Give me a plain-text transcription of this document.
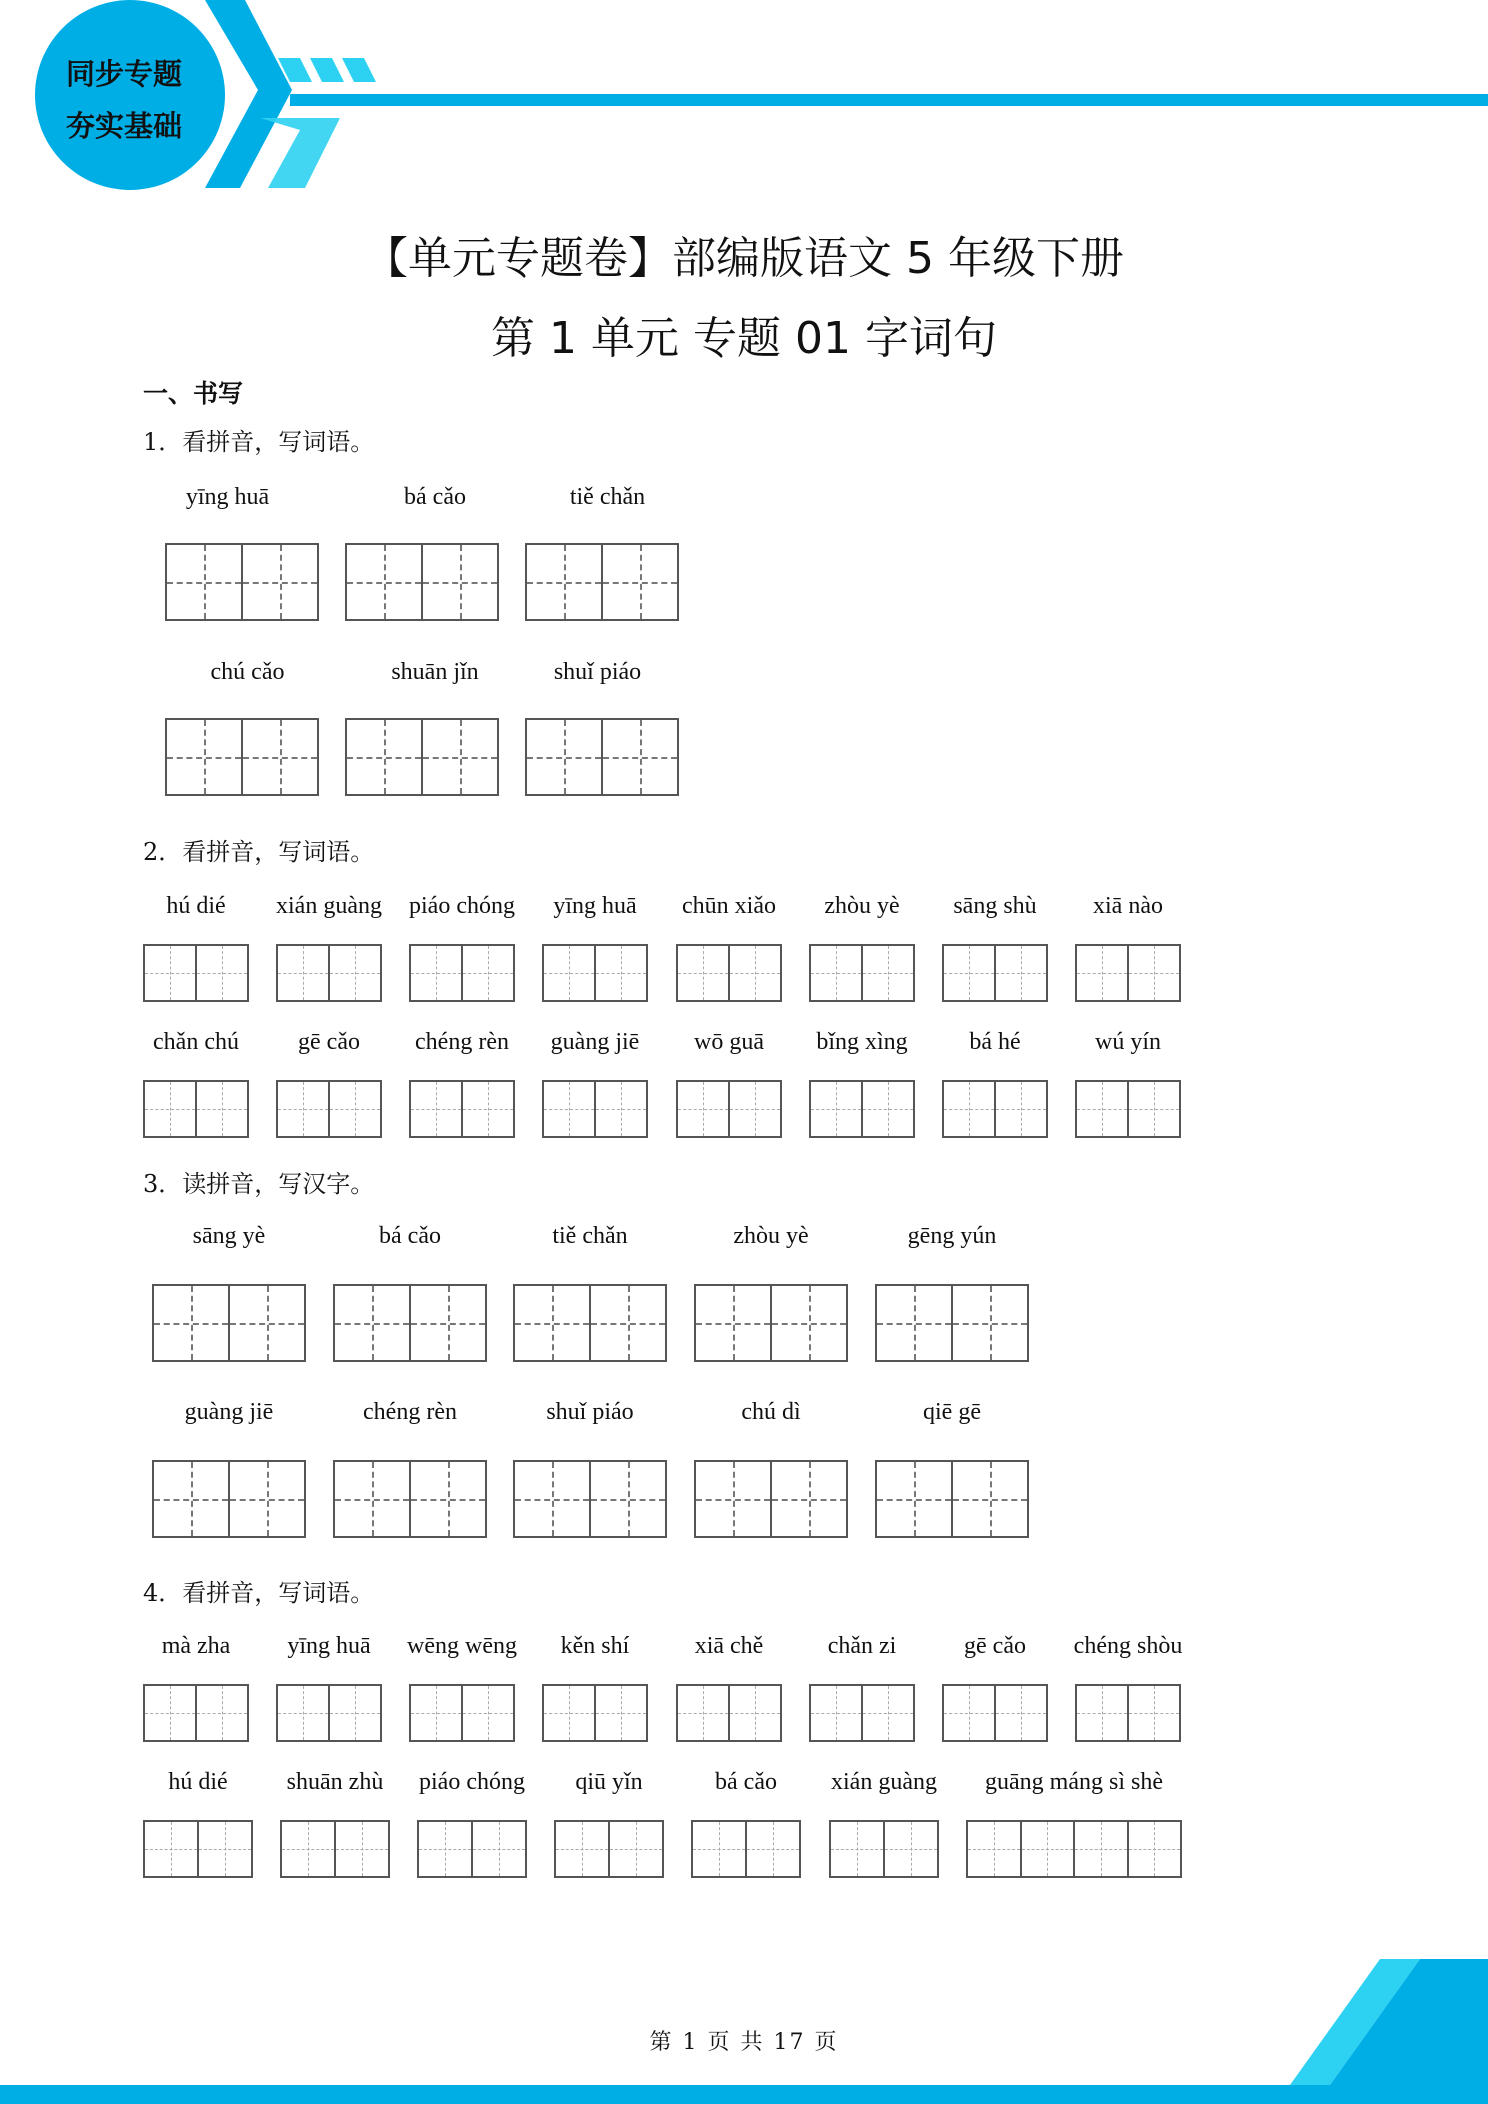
同步专题
夯实基础
【单元专题卷】部编版语文 5 年级下册
第 1 单元 专题 01 字词句
一、书写
1．看拼音，写词语。
yīng huā	bá cǎo	tiě chǎn
chú cǎo	shuān jǐn	shuǐ piáo
2．看拼音，写词语。
hú dié	xián guàng	piáo chóng	yīng huā	chūn xiǎo	zhòu yè	sāng shù	xiā nào
chǎn chú	gē cǎo	chéng rèn	guàng jiē	wō guā	bǐng xìng	bá hé	wú yín
3．读拼音，写汉字。
sāng yè	bá cǎo	tiě chǎn	zhòu yè	gēng yún
guàng jiē	chéng rèn	shuǐ piáo	chú dì	qiē gē
4．看拼音，写词语。
mà zha	yīng huā	wēng wēng	kěn shí	xiā chě	chǎn zi	gē cǎo	chéng shòu
hú dié	shuān zhù	piáo chóng	qiū yǐn	bá cǎo	xián guàng	guāng máng sì shè
第 1 页 共 17 页
